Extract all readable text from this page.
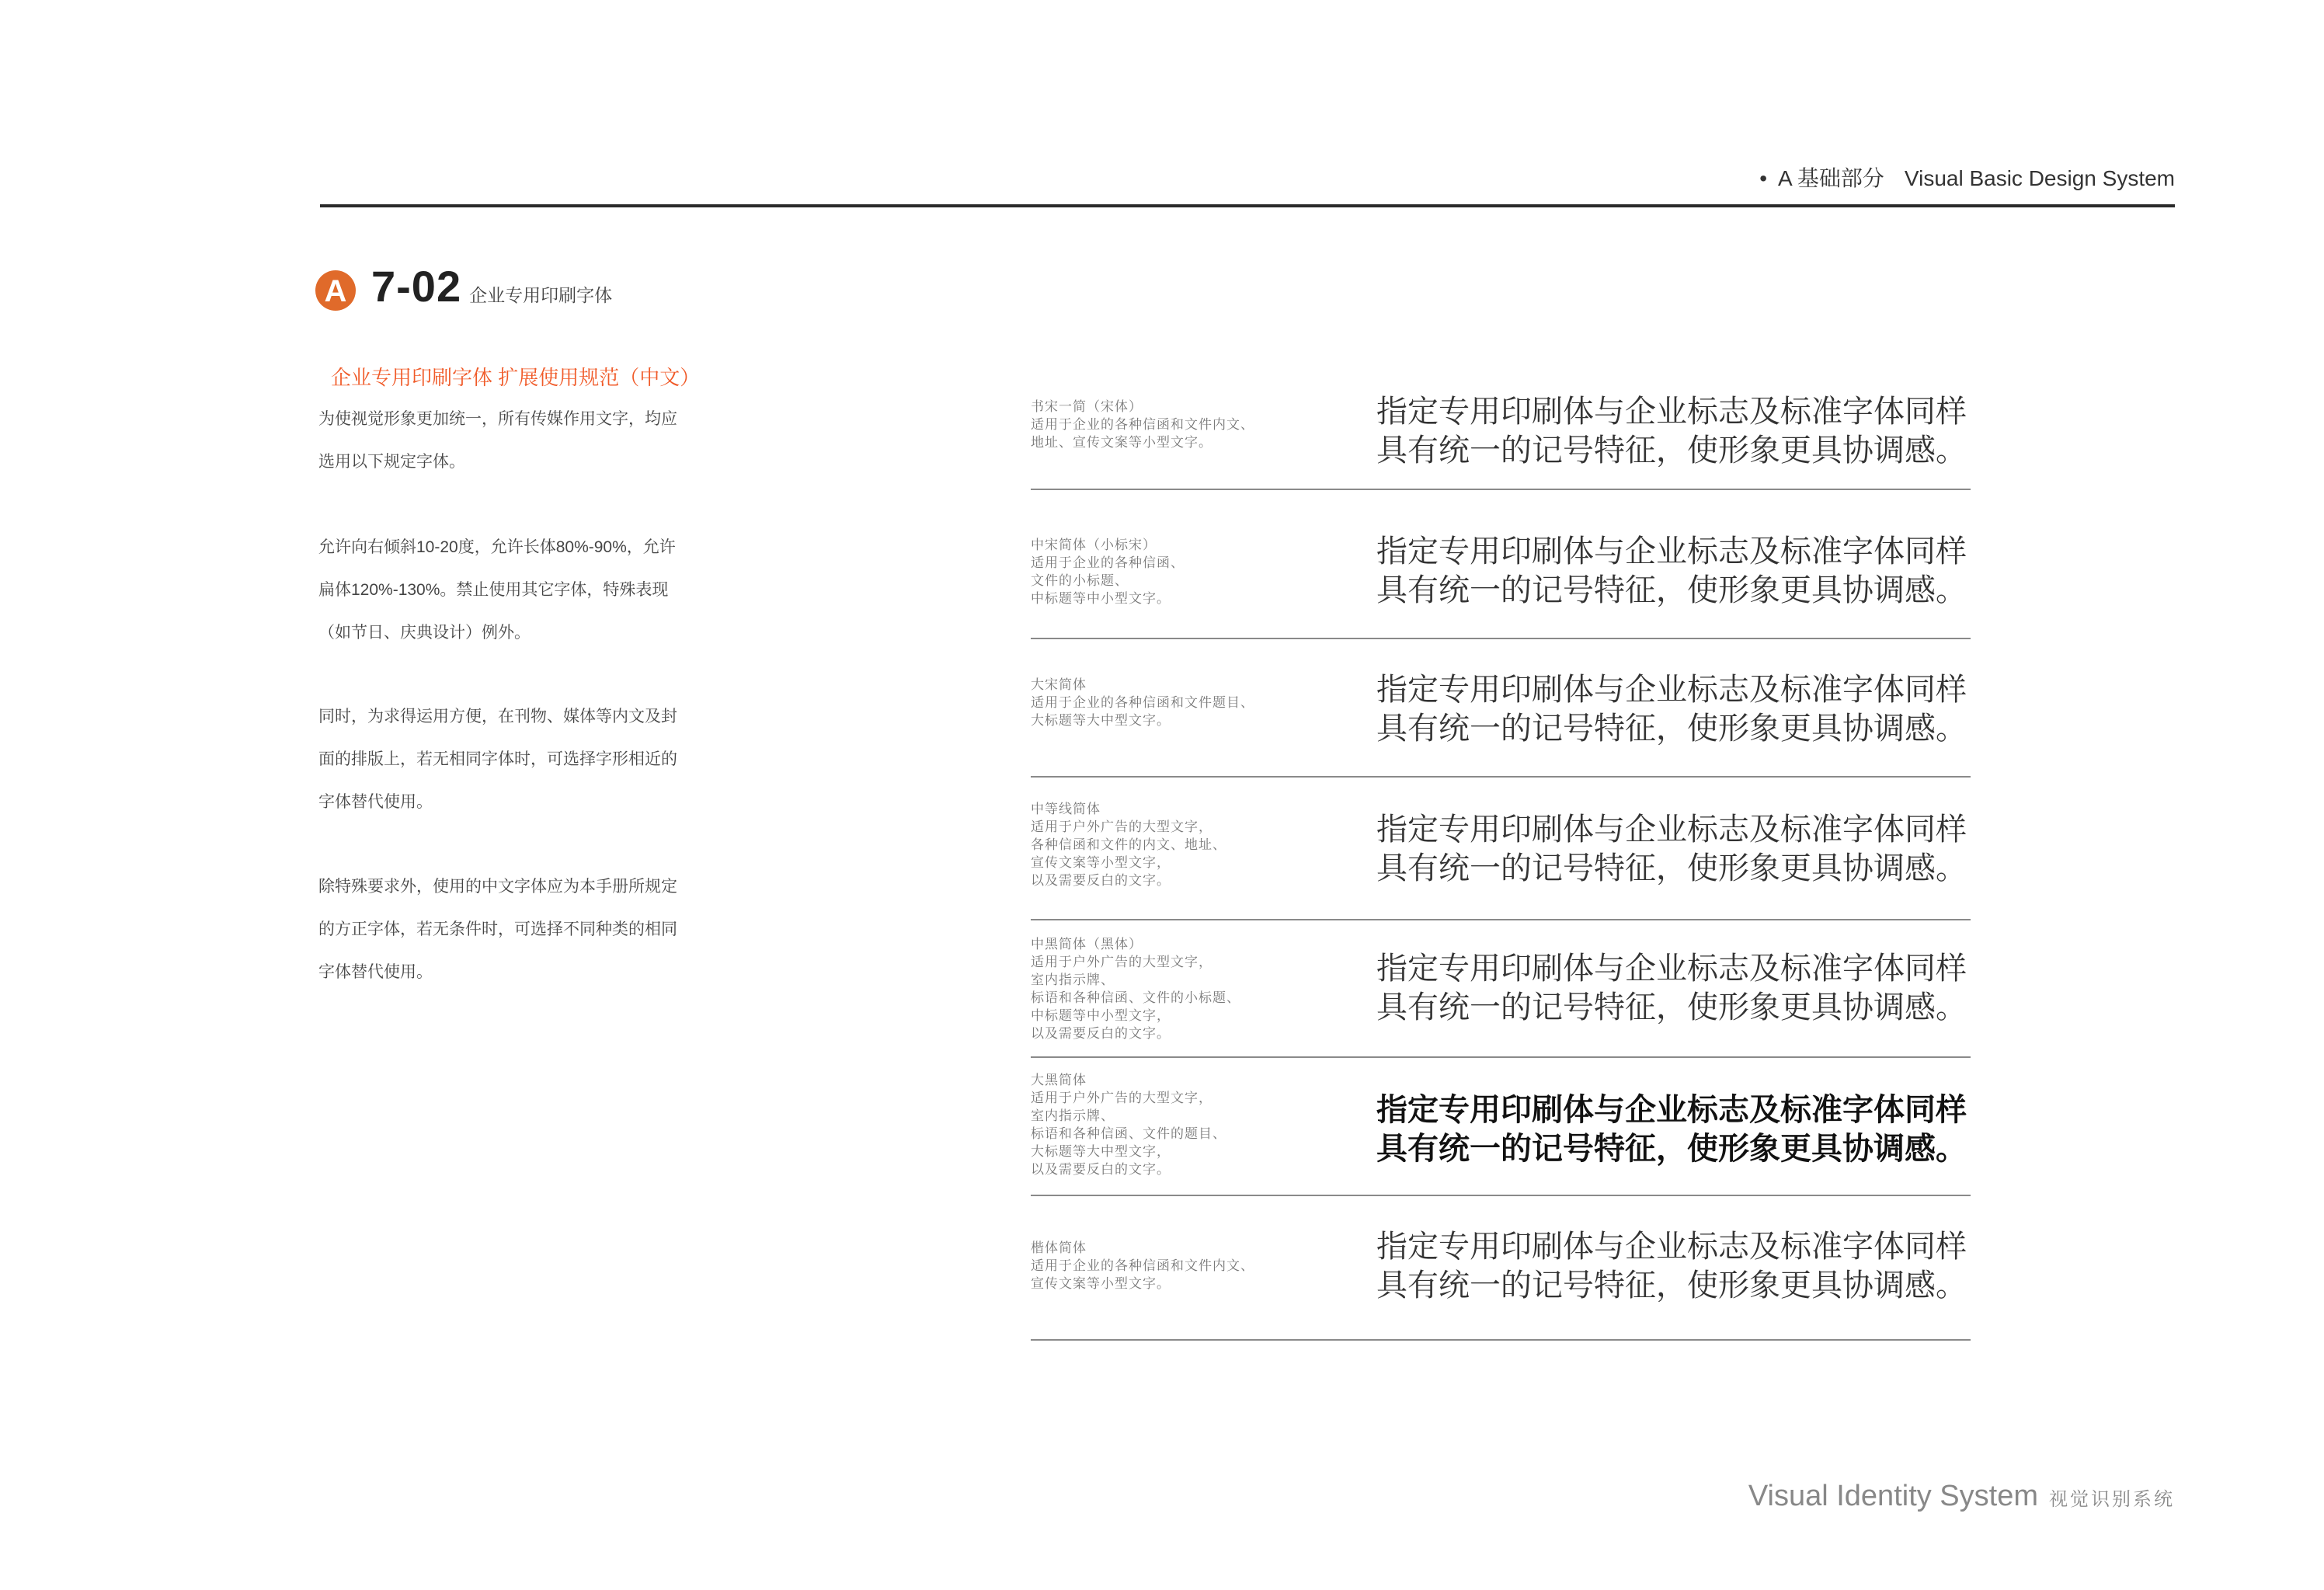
• A 基础部分 Visual Basic Design System
A 7-02 企业专用印刷字体
企业专用印刷字体 扩展使用规范（中文）
为使视觉形象更加统一，所有传媒作用文字，均应
选用以下规定字体。
允许向右倾斜10-20度，允许长体80%-90%，允许
扁体120%-130%。禁止使用其它字体，特殊表现
（如节日、庆典设计）例外。
同时，为求得运用方便，在刊物、媒体等内文及封
面的排版上，若无相同字体时，可选择字形相近的
字体替代使用。
除特殊要求外，使用的中文字体应为本手册所规定
的方正字体，若无条件时，可选择不同种类的相同
字体替代使用。
书宋一简（宋体）
适用于企业的各种信函和文件内文、
地址、宣传文案等小型文字。
指定专用印刷体与企业标志及标准字体同样
具有统一的记号特征，使形象更具协调感。
中宋简体（小标宋）
适用于企业的各种信函、
文件的小标题、
中标题等中小型文字。
指定专用印刷体与企业标志及标准字体同样
具有统一的记号特征，使形象更具协调感。
大宋简体
适用于企业的各种信函和文件题目、
大标题等大中型文字。
指定专用印刷体与企业标志及标准字体同样
具有统一的记号特征，使形象更具协调感。
中等线简体
适用于户外广告的大型文字，
各种信函和文件的内文、地址、
宣传文案等小型文字，
以及需要反白的文字。
指定专用印刷体与企业标志及标准字体同样
具有统一的记号特征，使形象更具协调感。
中黑简体（黑体）
适用于户外广告的大型文字，
室内指示牌、
标语和各种信函、文件的小标题、
中标题等中小型文字，
以及需要反白的文字。
指定专用印刷体与企业标志及标准字体同样
具有统一的记号特征，使形象更具协调感。
大黑简体
适用于户外广告的大型文字，
室内指示牌、
标语和各种信函、文件的题目、
大标题等大中型文字，
以及需要反白的文字。
指定专用印刷体与企业标志及标准字体同样
具有统一的记号特征，使形象更具协调感。
楷体简体
适用于企业的各种信函和文件内文、
宣传文案等小型文字。
指定专用印刷体与企业标志及标准字体同样
具有统一的记号特征，使形象更具协调感。
Visual Identity System 视觉识别系统
